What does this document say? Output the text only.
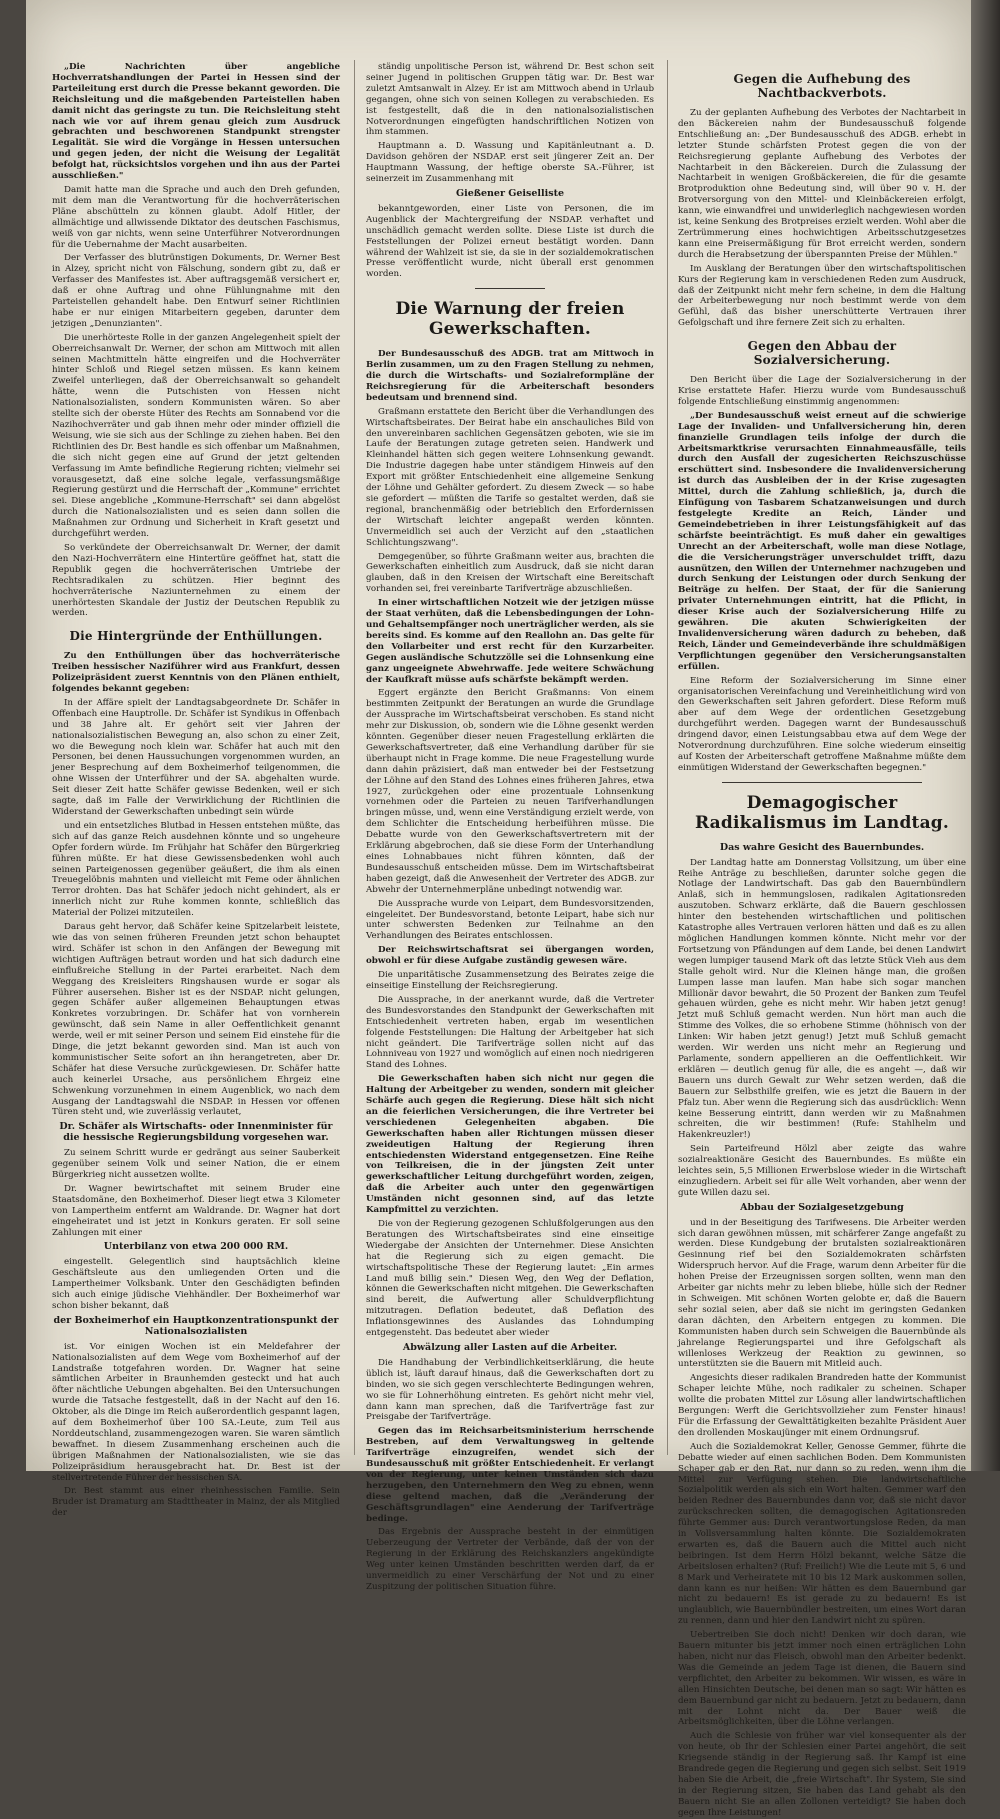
„Die Nachrichten über angebliche Hochverratshandlungen der Partei in Hessen sind der Parteileitung erst durch die Presse bekannt geworden. Die Reichsleitung und die maßgebenden Parteistellen haben damit nicht das geringste zu tun. Die Reichsleitung steht nach wie vor auf ihrem genau gleich zum Ausdruck gebrachten und beschworenen Standpunkt strengster Legalität. Sie wird die Vorgänge in Hessen untersuchen und gegen jeden, der nicht die Weisung der Legalität befolgt hat, rücksichtslos vorgehen und ihn aus der Partei ausschließen."

Damit hatte man die Sprache und auch den Dreh gefunden, mit dem man die Verantwortung für die hochverräterischen Pläne abschütteln zu können glaubt. Adolf Hitler, der allmächtige und allwissende Diktator des deutschen Faschismus, weiß von gar nichts, wenn seine Unterführer Notverordnungen für die Uebernahme der Macht ausarbeiten.

Der Verfasser des blutrünstigen Dokuments, Dr. Werner Best in Alzey, spricht nicht von Fälschung, sondern gibt zu, daß er Verfasser des Manifestes ist. Aber auftragsgemäß versichert er, daß er ohne Auftrag und ohne Fühlungnahme mit den Parteistellen gehandelt habe. Den Entwurf seiner Richtlinien habe er nur einigen Mitarbeitern gegeben, darunter dem jetzigen „Denunzianten".

Die unerhörteste Rolle in der ganzen Angelegenheit spielt der Oberreichsanwalt Dr. Werner, der schon am Mittwoch mit allen seinen Machtmitteln hätte eingreifen und die Hochverräter hinter Schloß und Riegel setzen müssen. Es kann keinem Zweifel unterliegen, daß der Oberreichsanwalt so gehandelt hätte, wenn die Putschisten von Hessen nicht Nationalsozialisten, sondern Kommunisten wären. So aber stellte sich der oberste Hüter des Rechts am Sonnabend vor die Nazihochverräter und gab ihnen mehr oder minder offiziell die Weisung, wie sie sich aus der Schlinge zu ziehen haben. Bei den Richtlinien des Dr. Best handle es sich offenbar um Maßnahmen, die sich nicht gegen eine auf Grund der jetzt geltenden Verfassung im Amte befindliche Regierung richten; vielmehr sei vorausgesetzt, daß eine solche legale, verfassungsmäßige Regierung gestürzt und die Herrschaft der „Kommune" errichtet sei. Diese angebliche „Kommune-Herrschaft" sei dann abgelöst durch die Nationalsozialisten und es seien dann sollen die Maßnahmen zur Ordnung und Sicherheit in Kraft gesetzt und durchgeführt werden.

So verkündete der Oberreichsanwalt Dr. Werner, der damit den Nazi-Hochverrätern eine Hintertüre geöffnet hat, statt die Republik gegen die hochverräterischen Umtriebe der Rechtsradikalen zu schützen. Hier beginnt des hochverräterische Naziunternehmen zu einem der unerhörtesten Skandale der Justiz der Deutschen Republik zu werden.

Die Hintergründe der Enthüllungen.

Zu den Enthüllungen über das hochverräterische Treiben hessischer Naziführer wird aus Frankfurt, dessen Polizeipräsident zuerst Kenntnis von den Plänen enthielt, folgendes bekannt gegeben:

In der Affäre spielt der Landtagsabgeordnete Dr. Schäfer in Offenbach eine Hauptrolle. Dr. Schäfer ist Syndikus in Offenbach und 38 Jahre alt. Er gehört seit vier Jahren der nationalsozialistischen Bewegung an, also schon zu einer Zeit, wo die Bewegung noch klein war. Schäfer hat auch mit den Personen, bei denen Haussuchungen vorgenommen wurden, an jener Besprechung auf dem Boxheimerhof teilgenommen, die ohne Wissen der Unterführer und der SA. abgehalten wurde. Seit dieser Zeit hatte Schäfer gewisse Bedenken, weil er sich sagte, daß im Falle der Verwirklichung der Richtlinien die Widerstand der Gewerkschaften unbedingt sein würde

und ein entsetzliches Blutbad in Hessen entstehen müßte, das sich auf das ganze Reich ausdehnen könnte und so ungeheure Opfer fordern würde. Im Frühjahr hat Schäfer den Bürgerkrieg führen müßte. Er hat diese Gewissensbedenken wohl auch seinen Parteigenossen gegenüber geäußert, die ihm als einen Treuegelöbnis mahnten und vielleicht mit Feme oder ähnlichen Terror drohten. Das hat Schäfer jedoch nicht gehindert, als er innerlich nicht zur Ruhe kommen konnte, schließlich das Material der Polizei mitzuteilen.

Daraus geht hervor, daß Schäfer keine Spitzelarbeit leistete, wie das von seinen früheren Freunden jetzt schon behauptet wird. Schäfer ist schon in den Anfängen der Bewegung mit wichtigen Aufträgen betraut worden und hat sich dadurch eine einflußreiche Stellung in der Partei erarbeitet. Nach dem Weggang des Kreisleiters Ringshausen wurde er sogar als Führer ausersehen. Bisher ist es der NSDAP. nicht gelungen, gegen Schäfer außer allgemeinen Behauptungen etwas Konkretes vorzubringen. Dr. Schäfer hat von vornherein gewünscht, daß sein Name in aller Oeffentlichkeit genannt werde, weil er mit seiner Person und seinem Eid einstehe für die Dinge, die jetzt bekannt geworden sind. Man ist auch von kommunistischer Seite sofort an ihn herangetreten, aber Dr. Schäfer hat diese Versuche zurückgewiesen. Dr. Schäfer hatte auch keinerlei Ursache, aus persönlichem Ehrgeiz eine Schwenkung vorzunehmen in einem Augenblick, wo nach dem Ausgang der Landtagswahl die NSDAP. in Hessen vor offenen Türen steht und, wie zuverlässig verlautet,

Dr. Schäfer als Wirtschafts- oder Innenminister für die hessische Regierungsbildung vorgesehen war.

Zu seinem Schritt wurde er gedrängt aus seiner Sauberkeit gegenüber seinem Volk und seiner Nation, die er einem Bürgerkrieg nicht aussetzen wollte.

Dr. Wagner bewirtschaftet mit seinem Bruder eine Staatsdomäne, den Boxheimerhof. Dieser liegt etwa 3 Kilometer von Lampertheim entfernt am Waldrande. Dr. Wagner hat dort eingeheiratet und ist jetzt in Konkurs geraten. Er soll seine Zahlungen mit einer

Unterbilanz von etwa 200 000 RM.

eingestellt. Gelegentlich sind hauptsächlich kleine Geschäftsleute aus den umliegenden Orten und die Lampertheimer Volksbank. Unter den Geschädigten befinden sich auch einige jüdische Viehhändler. Der Boxheimerhof war schon bisher bekannt, daß

der Boxheimerhof ein Hauptkonzentrationspunkt der Nationalsozialisten

ist. Vor einigen Wochen ist ein Meldefahrer der Nationalsozialisten auf dem Wege vom Boxheimerhof auf der Landstraße totgefahren worden. Dr. Wagner hat seine sämtlichen Arbeiter in Braunhemden gesteckt und hat auch öfter nächtliche Uebungen abgehalten. Bei den Untersuchungen wurde die Tatsache festgestellt, daß in der Nacht auf den 16. Oktober, als die Dinge im Reich außerordentlich gespannt lagen, auf dem Boxheimerhof über 100 SA.-Leute, zum Teil aus Norddeutschland, zusammengezogen waren. Sie waren sämtlich bewaffnet. In diesem Zusammenhang erscheinen auch die übrigen Maßnahmen der Nationalsozialisten, wie sie das Polizeipräsidium herausgebracht hat. Dr. Best ist der stellvertretende Führer der hessischen SA.

Dr. Best stammt aus einer rheinhessischen Familie. Sein Bruder ist Dramaturg am Stadttheater in Mainz, der als Mitglied der

ständig unpolitische Person ist, während Dr. Best schon seit seiner Jugend in politischen Gruppen tätig war. Dr. Best war zuletzt Amtsanwalt in Alzey. Er ist am Mittwoch abend in Urlaub gegangen, ohne sich von seinen Kollegen zu verabschieden. Es ist festgestellt, daß die in den nationalsozialistischen Notverordnungen eingefügten handschriftlichen Notizen von ihm stammen.

Hauptmann a. D. Wassung und Kapitänleutnant a. D. Davidson gehören der NSDAP. erst seit jüngerer Zeit an. Der Hauptmann Wassung, der heftige oberste SA.-Führer, ist seinerzeit im Zusammenhang mit

Gießener Geiselliste

bekanntgeworden, einer Liste von Personen, die im Augenblick der Machtergreifung der NSDAP. verhaftet und unschädlich gemacht werden sollte. Diese Liste ist durch die Feststellungen der Polizei erneut bestätigt worden. Dann während der Wahlzeit ist sie, da sie in der sozialdemokratischen Presse veröffentlicht wurde, nicht überall erst genommen worden.

Die Warnung der freien Gewerkschaften.

Der Bundesausschuß des ADGB. trat am Mittwoch in Berlin zusammen, um zu den Fragen Stellung zu nehmen, die durch die Wirtschafts- und Sozialreformpläne der Reichsregierung für die Arbeiterschaft besonders bedeutsam und brennend sind.

Graßmann erstattete den Bericht über die Verhandlungen des Wirtschaftsbeirates. Der Beirat habe ein anschauliches Bild von den unvereinbaren sachlichen Gegensätzen geboten, wie sie im Laufe der Beratungen zutage getreten seien. Handwerk und Kleinhandel hätten sich gegen weitere Lohnsenkung gewandt. Die Industrie dagegen habe unter ständigem Hinweis auf den Export mit größter Entschiedenheit eine allgemeine Senkung der Löhne und Gehälter gefordert. Zu diesem Zweck — so habe sie gefordert — müßten die Tarife so gestaltet werden, daß sie regional, branchenmäßig oder betrieblich den Erfordernissen der Wirtschaft leichter angepaßt werden könnten. Unvermeidlich sei auch der Verzicht auf den „staatlichen Schlichtungszwang".

Demgegenüber, so führte Graßmann weiter aus, brachten die Gewerkschaften einheitlich zum Ausdruck, daß sie nicht daran glauben, daß in den Kreisen der Wirtschaft eine Bereitschaft vorhanden sei, frei vereinbarte Tarifverträge abzuschließen.

In einer wirtschaftlichen Notzeit wie der jetzigen müsse der Staat verhüten, daß die Lebensbedingungen der Lohn- und Gehaltsempfänger noch unerträglicher werden, als sie bereits sind. Es komme auf den Reallohn an. Das gelte für den Vollarbeiter und erst recht für den Kurzarbeiter. Gegen ausländische Schutzzölle sei die Lohnsenkung eine ganz ungeeignete Abwehrwaffe. Jede weitere Schwächung der Kaufkraft müsse aufs schärfste bekämpft werden.

Eggert ergänzte den Bericht Graßmanns: Von einem bestimmten Zeitpunkt der Beratungen an wurde die Grundlage der Aussprache im Wirtschaftsbeirat verschoben. Es stand nicht mehr zur Diskussion, ob, sondern wie die Löhne gesenkt werden könnten. Gegenüber dieser neuen Fragestellung erklärten die Gewerkschaftsvertreter, daß eine Verhandlung darüber für sie überhaupt nicht in Frage komme. Die neue Fragestellung wurde dann dahin präzisiert, daß man entweder bei der Festsetzung der Löhne auf den Stand des Lohnes eines früheren Jahres, etwa 1927, zurückgehen oder eine prozentuale Lohnsenkung vornehmen oder die Parteien zu neuen Tarifverhandlungen bringen müsse, und, wenn eine Verständigung erzielt werde, von dem Schlichter die Entscheidung herbeiführen müsse. Die Debatte wurde von den Gewerkschaftsvertretern mit der Erklärung abgebrochen, daß sie diese Form der Unterhandlung eines Lohnabbaues nicht führen könnten, daß der Bundesausschuß entscheiden müsse. Dem im Wirtschaftsbeirat haben gezeigt, daß die Anwesenheit der Vertreter des ADGB. zur Abwehr der Unternehmerpläne unbedingt notwendig war.

Die Aussprache wurde von Leipart, dem Bundesvorsitzenden, eingeleitet. Der Bundesvorstand, betonte Leipart, habe sich nur unter schwersten Bedenken zur Teilnahme an den Verhandlungen des Beirates entschlossen.

Der Reichswirtschaftsrat sei übergangen worden, obwohl er für diese Aufgabe zuständig gewesen wäre.

Die unparitätische Zusammensetzung des Beirates zeige die einseitige Einstellung der Reichsregierung.

Die Aussprache, in der anerkannt wurde, daß die Vertreter des Bundesvorstandes den Standpunkt der Gewerkschaften mit Entschiedenheit vertreten haben, ergab im wesentlichen folgende Feststellungen: Die Haltung der Arbeitgeber hat sich nicht geändert. Die Tarifverträge sollen nicht auf das Lohnniveau von 1927 und womöglich auf einen noch niedrigeren Stand des Lohnes.

Die Gewerkschaften haben sich nicht nur gegen die Haltung der Arbeitgeber zu wenden, sondern mit gleicher Schärfe auch gegen die Regierung. Diese hält sich nicht an die feierlichen Versicherungen, die ihre Vertreter bei verschiedenen Gelegenheiten abgaben. Die Gewerkschaften haben aller Richtungen müssen dieser zweideutigen Haltung der Regierung ihren entschiedensten Widerstand entgegensetzen. Eine Reihe von Teilkreisen, die in der jüngsten Zeit unter gewerkschaftlicher Leitung durchgeführt worden, zeigen, daß die Arbeiter auch unter den gegenwärtigen Umständen nicht gesonnen sind, auf das letzte Kampfmittel zu verzichten.

Die von der Regierung gezogenen Schlußfolgerungen aus den Beratungen des Wirtschaftsbeirates sind eine einseitige Wiedergabe der Ansichten der Unternehmer. Diese Ansichten hat die Regierung sich zu eigen gemacht. Die wirtschaftspolitische These der Regierung lautet: „Ein armes Land muß billig sein." Diesen Weg, den Weg der Deflation, können die Gewerkschaften nicht mitgehen. Die Gewerkschaften sind bereit, die Aufwertung aller Schuldverpflichtung mitzutragen. Deflation bedeutet, daß Deflation des Inflationsgewinnes des Auslandes das Lohndumping entgegensteht. Das bedeutet aber wieder

Abwälzung aller Lasten auf die Arbeiter.

Die Handhabung der Verbindlichkeitserklärung, die heute üblich ist, läuft darauf hinaus, daß die Gewerkschaften dort zu binden, wo sie sich gegen verschlechterte Bedingungen wehren, wo sie für Lohnerhöhung eintreten. Es gehört nicht mehr viel, dann kann man sprechen, daß die Tarifverträge fast zur Preisgabe der Tarifverträge.

Gegen das im Reichsarbeitsministerium herrschende Bestreben, auf dem Verwaltungsweg in geltende Tarifverträge einzugreifen, wendet sich der Bundesausschuß mit größter Entschiedenheit. Er verlangt von der Regierung, unter keinen Umständen sich dazu herzugeben, den Unternehmern den Weg zu ebnen, wenn diese geltend machen, daß die „Veränderung der Geschäftsgrundlagen" eine Aenderung der Tarifverträge bedinge.

Das Ergebnis der Aussprache besteht in der einmütigen Ueberzeugung der Vertreter der Verbände, daß der von der Regierung in der Erklärung des Reichskanzlers angekündigte Weg unter keinen Umständen beschritten werden darf, da er unvermeidlich zu einer Verschärfung der Not und zu einer Zuspitzung der politischen Situation führe.

Gegen die Aufhebung des Nachtbackverbots.

Zu der geplanten Aufhebung des Verbotes der Nachtarbeit in den Bäckereien nahm der Bundesausschuß folgende Entschließung an: „Der Bundesausschuß des ADGB. erhebt in letzter Stunde schärfsten Protest gegen die von der Reichsregierung geplante Aufhebung des Verbotes der Nachtarbeit in den Bäckereien. Durch die Zulassung der Nachtarbeit in wenigen Großbäckereien, die für die gesamte Brotproduktion ohne Bedeutung sind, will über 90 v. H. der Brotversorgung von den Mittel- und Kleinbäckereien erfolgt, kann, wie einwandfrei und unwiderleglich nachgewiesen worden ist, keine Senkung des Brotpreises erzielt werden. Wohl aber die Zertrümmerung eines hochwichtigen Arbeitsschutzgesetzes kann eine Preisermäßigung für Brot erreicht werden, sondern durch die Herabsetzung der überspannten Preise der Mühlen."

Im Ausklang der Beratungen über den wirtschaftspolitischen Kurs der Regierung kam in verschiedenen Reden zum Ausdruck, daß der Zeitpunkt nicht mehr fern scheine, in dem die Haltung der Arbeiterbewegung nur noch bestimmt werde von dem Gefühl, daß das bisher unerschütterte Vertrauen ihrer Gefolgschaft und ihre fernere Zeit sich zu erhalten.

Gegen den Abbau der Sozialversicherung.

Den Bericht über die Lage der Sozialversicherung in der Krise erstattete Hafer. Hierzu wurde vom Bundesausschuß folgende Entschließung einstimmig angenommen:

„Der Bundesausschuß weist erneut auf die schwierige Lage der Invaliden- und Unfallversicherung hin, deren finanzielle Grundlagen teils infolge der durch die Arbeitsmarktkrise verursachten Einnahmeausfälle, teils durch den Ausfall der zugesicherten Reichszuschüsse erschüttert sind. Insbesondere die Invalidenversicherung ist durch das Ausbleiben der in der Krise zugesagten Mittel, durch die Zahlung schließlich, ja, durch die Einfügung von Tasbarem Schatzanweisungen und durch festgelegte Kredite an Reich, Länder und Gemeindebetrieben in ihrer Leistungsfähigkeit auf das schärfste beeinträchtigt. Es muß daher ein gewaltiges Unrecht an der Arbeiterschaft, wolle man diese Notlage, die die Versicherungsträger unverschuldet trifft, dazu ausnützen, den Willen der Unternehmer nachzugeben und durch Senkung der Leistungen oder durch Senkung der Beiträge zu helfen. Der Staat, der für die Sanierung privater Unternehmungen eintritt, hat die Pflicht, in dieser Krise auch der Sozialversicherung Hilfe zu gewähren. Die akuten Schwierigkeiten der Invalidenversicherung wären dadurch zu beheben, daß Reich, Länder und Gemeindeverbände ihre schuldmäßigen Verpflichtungen gegenüber den Versicherungsanstalten erfüllen.

Eine Reform der Sozialversicherung im Sinne einer organisatorischen Vereinfachung und Vereinheitlichung wird von den Gewerkschaften seit Jahren gefordert. Diese Reform muß aber auf dem Wege der ordentlichen Gesetzgebung durchgeführt werden. Dagegen warnt der Bundesausschuß dringend davor, einen Leistungsabbau etwa auf dem Wege der Notverordnung durchzuführen. Eine solche wiederum einseitig auf Kosten der Arbeiterschaft getroffene Maßnahme müßte dem einmütigen Widerstand der Gewerkschaften begegnen."

Demagogischer Radikalismus im Landtag.
Das wahre Gesicht des Bauernbundes.

Der Landtag hatte am Donnerstag Vollsitzung, um über eine Reihe Anträge zu beschließen, darunter solche gegen die Notlage der Landwirtschaft. Das gab den Bauernbündlern Anlaß, sich in hemmungslosen, radikalen Agitationsreden auszutoben. Schwarz erklärte, daß die Bauern geschlossen hinter den bestehenden wirtschaftlichen und politischen Katastrophe alles Vertrauen verloren hätten und daß es zu allen möglichen Handlungen kommen könnte. Nicht mehr vor der Fortsetzung von Pfändungen auf dem Lande, bei denen Landwirt wegen lumpiger tausend Mark oft das letzte Stück Vieh aus dem Stalle geholt wird. Nur die Kleinen hänge man, die großen Lumpen lasse man laufen. Man habe sich sogar manchen Millionär davor bewahrt, die 50 Prozent der Banken zum Teufel gehauen würden, gehe es nicht mehr. Wir haben jetzt genug! Jetzt muß Schluß gemacht werden. Nun hört man auch die Stimme des Volkes, die so erhobene Stimme (höhnisch von der Linken: Wir haben jetzt genug!) Jetzt muß Schluß gemacht werden. Wir werden uns nicht mehr an Regierung und Parlamente, sondern appellieren an die Oeffentlichkeit. Wir erklären — deutlich genug für alle, die es angeht —, daß wir Bauern uns durch Gewalt zur Wehr setzen werden, daß die Bauern zur Selbsthilfe greifen, wie es jetzt die Bauern in der Pfalz tun. Aber wenn die Regierung sich das ausdrücklich: Wenn keine Besserung eintritt, dann werden wir zu Maßnahmen schreiten, die wir bestimmen! (Rufe: Stahlhelm und Hakenkreuzler!)

Sein Parteifreund Hölzl aber zeigte das wahre sozialreaktionäre Gesicht des Bauernbundes. Es müßte ein leichtes sein, 5,5 Millionen Erwerbslose wieder in die Wirtschaft einzugliedern. Arbeit sei für alle Welt vorhanden, aber wenn der gute Willen dazu sei.

Abbau der Sozialgesetzgebung

und in der Beseitigung des Tarifwesens. Die Arbeiter werden sich daran gewöhnen müssen, mit schärferer Zange angefaßt zu werden. Diese Kundgebung der brutalsten sozialreaktionären Gesinnung rief bei den Sozialdemokraten schärfsten Widerspruch hervor. Auf die Frage, warum denn Arbeiter für die hohen Preise der Erzeugnissen sorgen sollten, wenn man den Arbeiter gar nichts mehr zu leben bliebe, hülle sich der Redner in Schweigen. Mit schönen Worten gelobte er, daß die Bauern sehr sozial seien, aber daß sie nicht im geringsten Gedanken daran dächten, den Arbeitern entgegen zu kommen. Die Kommunisten haben durch sein Schweigen die Bauernbünde als jahrelange Regierungspartei und ihre Gefolgschaft als willenloses Werkzeug der Reaktion zu gewinnen, so unterstützten sie die Bauern mit Mitleid auch.

Angesichts dieser radikalen Brandreden hatte der Kommunist Schaper leichte Mühe, noch radikaler zu scheinen. Schaper wollte die probaten Mittel zur Lösung aller landwirtschaftlichen Bergungen: Werft die Gerichtsvollzieher zum Fenster hinaus! Für die Erfassung der Gewalttätigkeiten bezahlte Präsident Auer den drollenden Moskaujünger mit einem Ordnungsruf.

Auch die Sozialdemokrat Keller, Genosse Gemmer, führte die Debatte wieder auf einen sachlichen Boden. Dem Kommunisten Schaper gab er den Rat, nur dann so zu reden, wenn ihm die Mittel zur Verfügung stehen. Die landwirtschaftliche Sozialpolitik werden als sich ein Wort halten. Gemmer warf den beiden Redner des Bauernbundes dann vor, daß sie nicht davor zurückschrecken sollten, die demagogischen Agitationsreden führte Gemmer aus: Durch verantwortungslose Reden, da man in Vollsversammlung halten könnte. Die Sozialdemokraten erwarten es, daß die Bauern auch die Mittel auch nicht beibringen. Ist dem Herrn Hölzl bekannt, welche Sätze die Arbeitslosen erhalten? (Ruf: Freilich!) Wie die Leute mit 5, 6 und 8 Mark und Verheiratete mit 10 bis 12 Mark auskommen sollen, dann kann es nur heißen: Wir hätten es dem Bauernbund gar nicht zu bedauern! Es ist gerade zu zu bedauern! Es ist unglaublich, wie Bauernbündler bestreiten, um eines Wort daran zu rennen, dann und hier den Landwirt nicht zu spüren.

Uebertreiben Sie doch nicht! Denken wir doch daran, wie Bauern mitunter bis jetzt immer noch einen erträglichen Lohn haben, nicht nur das Fleisch, obwohl man den Arbeiter bedenkt. Was die Gemeinde an jedem Tage ist dienen, die Bauern sind verpflichtet, den Arbeiter zu bekommen. Wir wissen, es wäre in allen Hinsichten Deutsche, bei denen man so sagt: Wir hätten es dem Bauernbund gar nicht zu bedauern. Jetzt zu bedauern, dann mit der Lohnt nicht da. Der Bauer weiß die Arbeitsmöglichkeiten, über die Löhne verlangen.

Auch die Schlesie von früher war viel konsequenter als der von heute, ob Ihr der Schlesien einer Partei angehört, die seit Kriegsende ständig in der Regierung saß. Ihr Kampf ist eine Brandrede gegen die Regierung und gegen sich selbst. Seit 1919 haben Sie die Arbeit, die „freie Wirtschaft". Ihr System, Sie sind in der Regierung sitzen, Sie haben das Land gehabt als den Bauern nicht Sie an allen Zollonen verteidigt? Sie haben doch gegen Ihre Leistungen!
